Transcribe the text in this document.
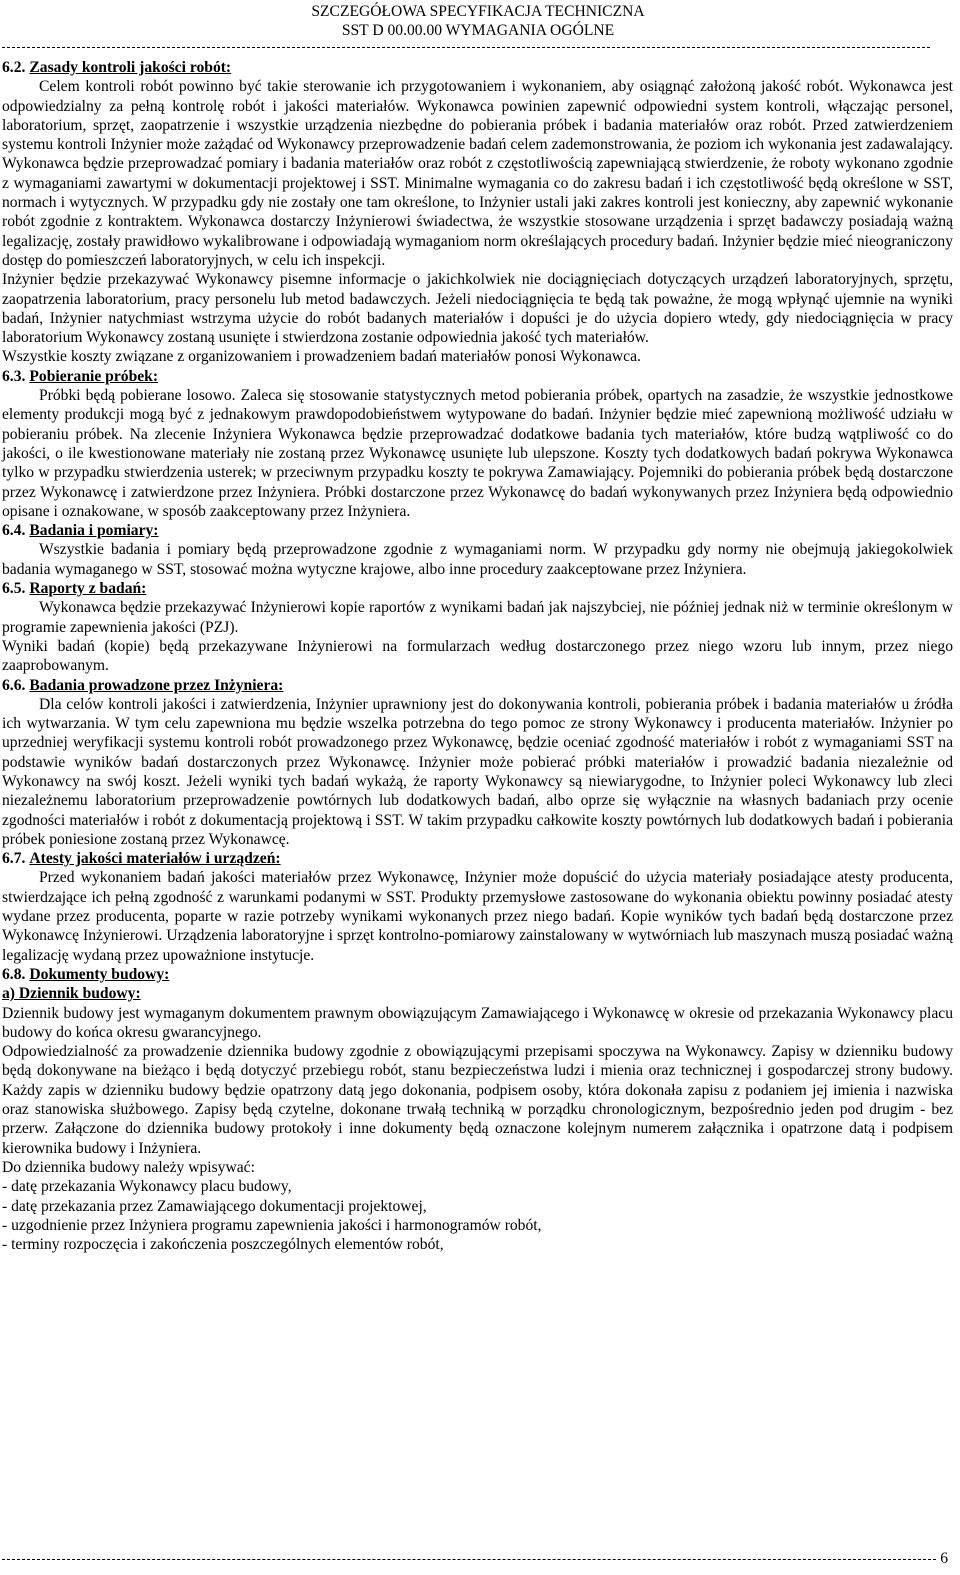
SZCZEGÓŁOWA SPECYFIKACJA TECHNICZNA
SST D 00.00.00 WYMAGANIA OGÓLNE
6.2. Zasady kontroli jakości robót:

Celem kontroli robót powinno być takie sterowanie ich przygotowaniem i wykonaniem, aby osiągnąć założoną jakość robót. Wykonawca jest odpowiedzialny za pełną kontrolę robót i jakości materiałów. Wykonawca powinien zapewnić odpowiedni system kontroli, włączając personel, laboratorium, sprzęt, zaopatrzenie i wszystkie urządzenia niezbędne do pobierania próbek i badania materiałów oraz robót. Przed zatwierdzeniem systemu kontroli Inżynier może zażądać od Wykonawcy przeprowadzenie badań celem zademonstrowania, że poziom ich wykonania jest zadawalający. Wykonawca będzie przeprowadzać pomiary i badania materiałów oraz robót z częstotliwością zapewniającą stwierdzenie, że roboty wykonano zgodnie z wymaganiami zawartymi w dokumentacji projektowej i SST. Minimalne wymagania co do zakresu badań i ich częstotliwość będą określone w SST, normach i wytycznych. W przypadku gdy nie zostały one tam określone, to Inżynier ustali jaki zakres kontroli jest konieczny, aby zapewnić wykonanie robót zgodnie z kontraktem. Wykonawca dostarczy Inżynierowi świadectwa, że wszystkie stosowane urządzenia i sprzęt badawczy posiadają ważną legalizację, zostały prawidłowo wykalibrowane i odpowiadają wymaganiom norm określających procedury badań. Inżynier będzie mieć nieograniczony dostęp do pomieszczeń laboratoryjnych, w celu ich inspekcji.

Inżynier będzie przekazywać Wykonawcy pisemne informacje o jakichkolwiek nie dociągnięciach dotyczących urządzeń laboratoryjnych, sprzętu, zaopatrzenia laboratorium, pracy personelu lub metod badawczych. Jeżeli niedociągnięcia te będą tak poważne, że mogą wpłynąć ujemnie na wyniki badań, Inżynier natychmiast wstrzyma użycie do robót badanych materiałów i dopuści je do użycia dopiero wtedy, gdy niedociągnięcia w pracy laboratorium Wykonawcy zostaną usunięte i stwierdzona zostanie odpowiednia jakość tych materiałów.

Wszystkie koszty związane z organizowaniem i prowadzeniem badań materiałów ponosi Wykonawca.

6.3. Pobieranie próbek:

Próbki będą pobierane losowo. Zaleca się stosowanie statystycznych metod pobierania próbek, opartych na zasadzie, że wszystkie jednostkowe elementy produkcji mogą być z jednakowym prawdopodobieństwem wytypowane do badań. Inżynier będzie mieć zapewnioną możliwość udziału w pobieraniu próbek. Na zlecenie Inżyniera Wykonawca będzie przeprowadzać dodatkowe badania tych materiałów, które budzą wątpliwość co do jakości, o ile kwestionowane materiały nie zostaną przez Wykonawcę usunięte lub ulepszone. Koszty tych dodatkowych badań pokrywa Wykonawca tylko w przypadku stwierdzenia usterek; w przeciwnym przypadku koszty te pokrywa Zamawiający. Pojemniki do pobierania próbek będą dostarczone przez Wykonawcę i zatwierdzone przez Inżyniera. Próbki dostarczone przez Wykonawcę do badań wykonywanych przez Inżyniera będą odpowiednio opisane i oznakowane, w sposób zaakceptowany przez Inżyniera.

6.4. Badania i pomiary:

Wszystkie badania i pomiary będą przeprowadzone zgodnie z wymaganiami norm. W przypadku gdy normy nie obejmują jakiegokolwiek badania wymaganego w SST, stosować można wytyczne krajowe, albo inne procedury zaakceptowane przez Inżyniera.

6.5. Raporty z badań:

Wykonawca będzie przekazywać Inżynierowi kopie raportów z wynikami badań jak najszybciej, nie później jednak niż w terminie określonym w programie zapewnienia jakości (PZJ).

Wyniki badań (kopie) będą przekazywane Inżynierowi na formularzach według dostarczonego przez niego wzoru lub innym, przez niego zaaprobowanym.

6.6. Badania prowadzone przez Inżyniera:

Dla celów kontroli jakości i zatwierdzenia, Inżynier uprawniony jest do dokonywania kontroli, pobierania próbek i badania materiałów u źródła ich wytwarzania. W tym celu zapewniona mu będzie wszelka potrzebna do tego pomoc ze strony Wykonawcy i producenta materiałów. Inżynier po uprzedniej weryfikacji systemu kontroli robót prowadzonego przez Wykonawcę, będzie oceniać zgodność materiałów i robót z wymaganiami SST na podstawie wyników badań dostarczonych przez Wykonawcę. Inżynier może pobierać próbki materiałów i prowadzić badania niezależnie od Wykonawcy na swój koszt. Jeżeli wyniki tych badań wykażą, że raporty Wykonawcy są niewiarygodne, to Inżynier poleci Wykonawcy lub zleci niezależnemu laboratorium przeprowadzenie powtórnych lub dodatkowych badań, albo oprze się wyłącznie na własnych badaniach przy ocenie zgodności materiałów i robót z dokumentacją projektową i SST. W takim przypadku całkowite koszty powtórnych lub dodatkowych badań i pobierania próbek poniesione zostaną przez Wykonawcę.

6.7. Atesty jakości materiałów i urządzeń:

Przed wykonaniem badań jakości materiałów przez Wykonawcę, Inżynier może dopuścić do użycia materiały posiadające atesty producenta, stwierdzające ich pełną zgodność z warunkami podanymi w SST. Produkty przemysłowe zastosowane do wykonania obiektu powinny posiadać atesty wydane przez producenta, poparte w razie potrzeby wynikami wykonanych przez niego badań. Kopie wyników tych badań będą dostarczone przez Wykonawcę Inżynierowi. Urządzenia laboratoryjne i sprzęt kontrolno-pomiarowy zainstalowany w wytwórniach lub maszynach muszą posiadać ważną legalizację wydaną przez upoważnione instytucje.

6.8. Dokumenty budowy:
a) Dziennik budowy:

Dziennik budowy jest wymaganym dokumentem prawnym obowiązującym Zamawiającego i Wykonawcę w okresie od przekazania Wykonawcy placu budowy do końca okresu gwarancyjnego.

Odpowiedzialność za prowadzenie dziennika budowy zgodnie z obowiązującymi przepisami spoczywa na Wykonawcy. Zapisy w dzienniku budowy będą dokonywane na bieżąco i będą dotyczyć przebiegu robót, stanu bezpieczeństwa ludzi i mienia oraz technicznej i gospodarczej strony budowy. Każdy zapis w dzienniku budowy będzie opatrzony datą jego dokonania, podpisem osoby, która dokonała zapisu z podaniem jej imienia i nazwiska oraz stanowiska służbowego. Zapisy będą czytelne, dokonane trwałą techniką w porządku chronologicznym, bezpośrednio jeden pod drugim - bez przerw. Załączone do dziennika budowy protokoły i inne dokumenty będą oznaczone kolejnym numerem załącznika i opatrzone datą i podpisem kierownika budowy i Inżyniera.

Do dziennika budowy należy wpisywać:

- datę przekazania Wykonawcy placu budowy,
- datę przekazania przez Zamawiającego dokumentacji projektowej,
- uzgodnienie przez Inżyniera programu zapewnienia jakości i harmonogramów robót,
- terminy rozpoczęcia i zakończenia poszczególnych elementów robót,
6
